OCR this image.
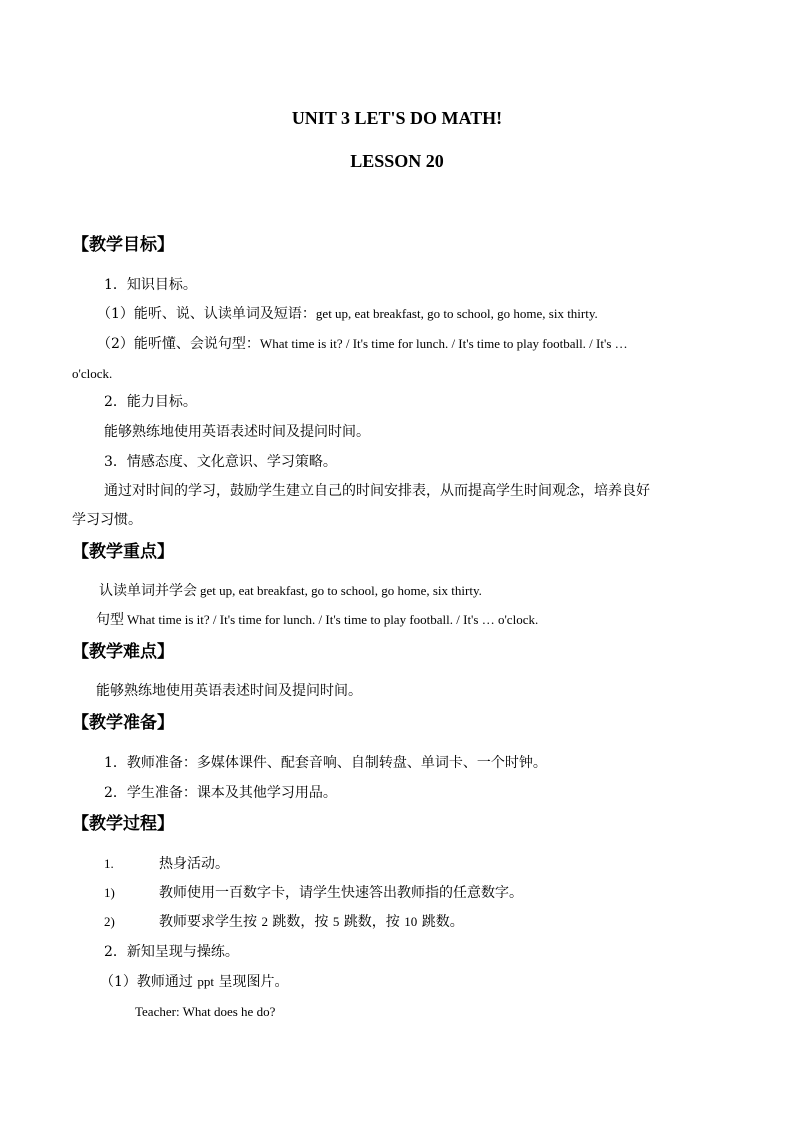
UNIT 3 LET'S DO MATH!
LESSON 20
【教学目标】
1．知识目标。
（1）能听、说、认读单词及短语：get up, eat breakfast, go to school, go home, six thirty.
（2）能听懂、会说句型：What time is it? / It's time for lunch. / It's time to play football. / It's …
o'clock.
2．能力目标。
能够熟练地使用英语表述时间及提问时间。
3．情感态度、文化意识、学习策略。
通过对时间的学习，鼓励学生建立自己的时间安排表，从而提高学生时间观念，培养良好
学习习惯。
【教学重点】
认读单词并学会 get up, eat breakfast, go to school, go home, six thirty.
句型 What time is it? / It's time for lunch. / It's time to play football. / It's … o'clock.
【教学难点】
能够熟练地使用英语表述时间及提问时间。
【教学准备】
1．教师准备：多媒体课件、配套音响、自制转盘、单词卡、一个时钟。
2．学生准备：课本及其他学习用品。
【教学过程】
1.	热身活动。
1)	教师使用一百数字卡，请学生快速答出教师指的任意数字。
2)	教师要求学生按 2 跳数，按 5 跳数，按 10 跳数。
2．新知呈现与操练。
（1）教师通过 ppt 呈现图片。
Teacher: What does he do?
